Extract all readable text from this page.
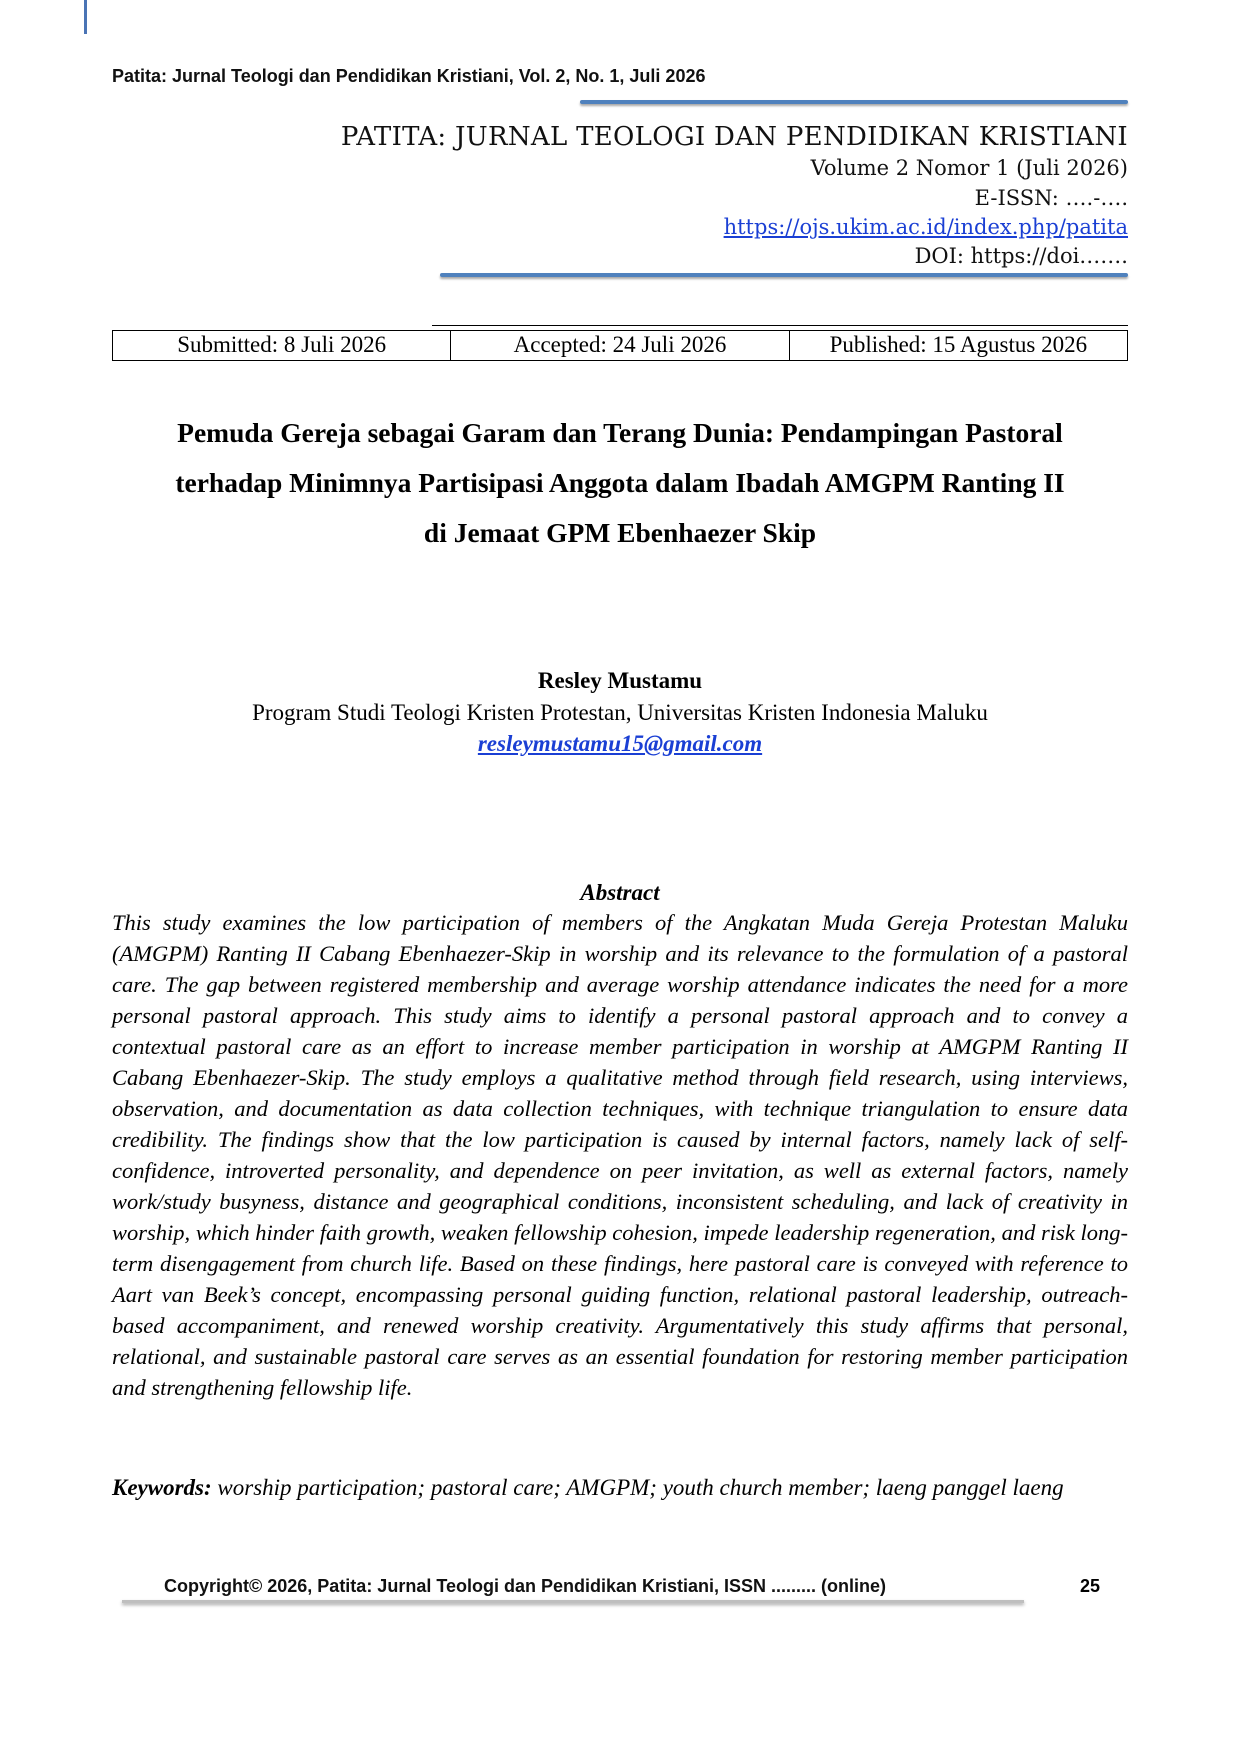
Patita: Jurnal Teologi dan Pendidikan Kristiani, Vol. 2, No. 1, Juli 2026
PATITA: JURNAL TEOLOGI DAN PENDIDIKAN KRISTIANI
Volume 2 Nomor 1 (Juli 2026)
E-ISSN: ….-….
https://ojs.ukim.ac.id/index.php/patita
DOI: https://doi…….
Submitted: 8 Juli 2026	Accepted: 24 Juli 2026	Published: 15 Agustus 2026
Pemuda Gereja sebagai Garam dan Terang Dunia: Pendampingan Pastoral
terhadap Minimnya Partisipasi Anggota dalam Ibadah AMGPM Ranting II
di Jemaat GPM Ebenhaezer Skip
Resley Mustamu
Program Studi Teologi Kristen Protestan, Universitas Kristen Indonesia Maluku
resleymustamu15@gmail.com
Abstract
This study examines the low participation of members of the Angkatan Muda Gereja Protestan Maluku (AMGPM) Ranting II Cabang Ebenhaezer-Skip in worship and its relevance to the formulation of a pastoral care. The gap between registered membership and average worship attendance indicates the need for a more personal pastoral approach. This study aims to identify a personal pastoral approach and to convey a contextual pastoral care as an effort to increase member participation in worship at AMGPM Ranting II Cabang Ebenhaezer-Skip. The study employs a qualitative method through field research, using interviews, observation, and documentation as data collection techniques, with technique triangulation to ensure data credibility. The findings show that the low participation is caused by internal factors, namely lack of self-confidence, introverted personality, and dependence on peer invitation, as well as external factors, namely work/study busyness, distance and geographical conditions, inconsistent scheduling, and lack of creativity in worship, which hinder faith growth, weaken fellowship cohesion, impede leadership regeneration, and risk long-term disengagement from church life. Based on these findings, here pastoral care is conveyed with reference to Aart van Beek’s concept, encompassing personal guiding function, relational pastoral leadership, outreach-based accompaniment, and renewed worship creativity. Argumentatively this study affirms that personal, relational, and sustainable pastoral care serves as an essential foundation for restoring member participation and strengthening fellowship life.
Keywords: worship participation; pastoral care; AMGPM; youth church member; laeng panggel laeng
Copyright© 2026, Patita: Jurnal Teologi dan Pendidikan Kristiani, ISSN ......... (online)	25
